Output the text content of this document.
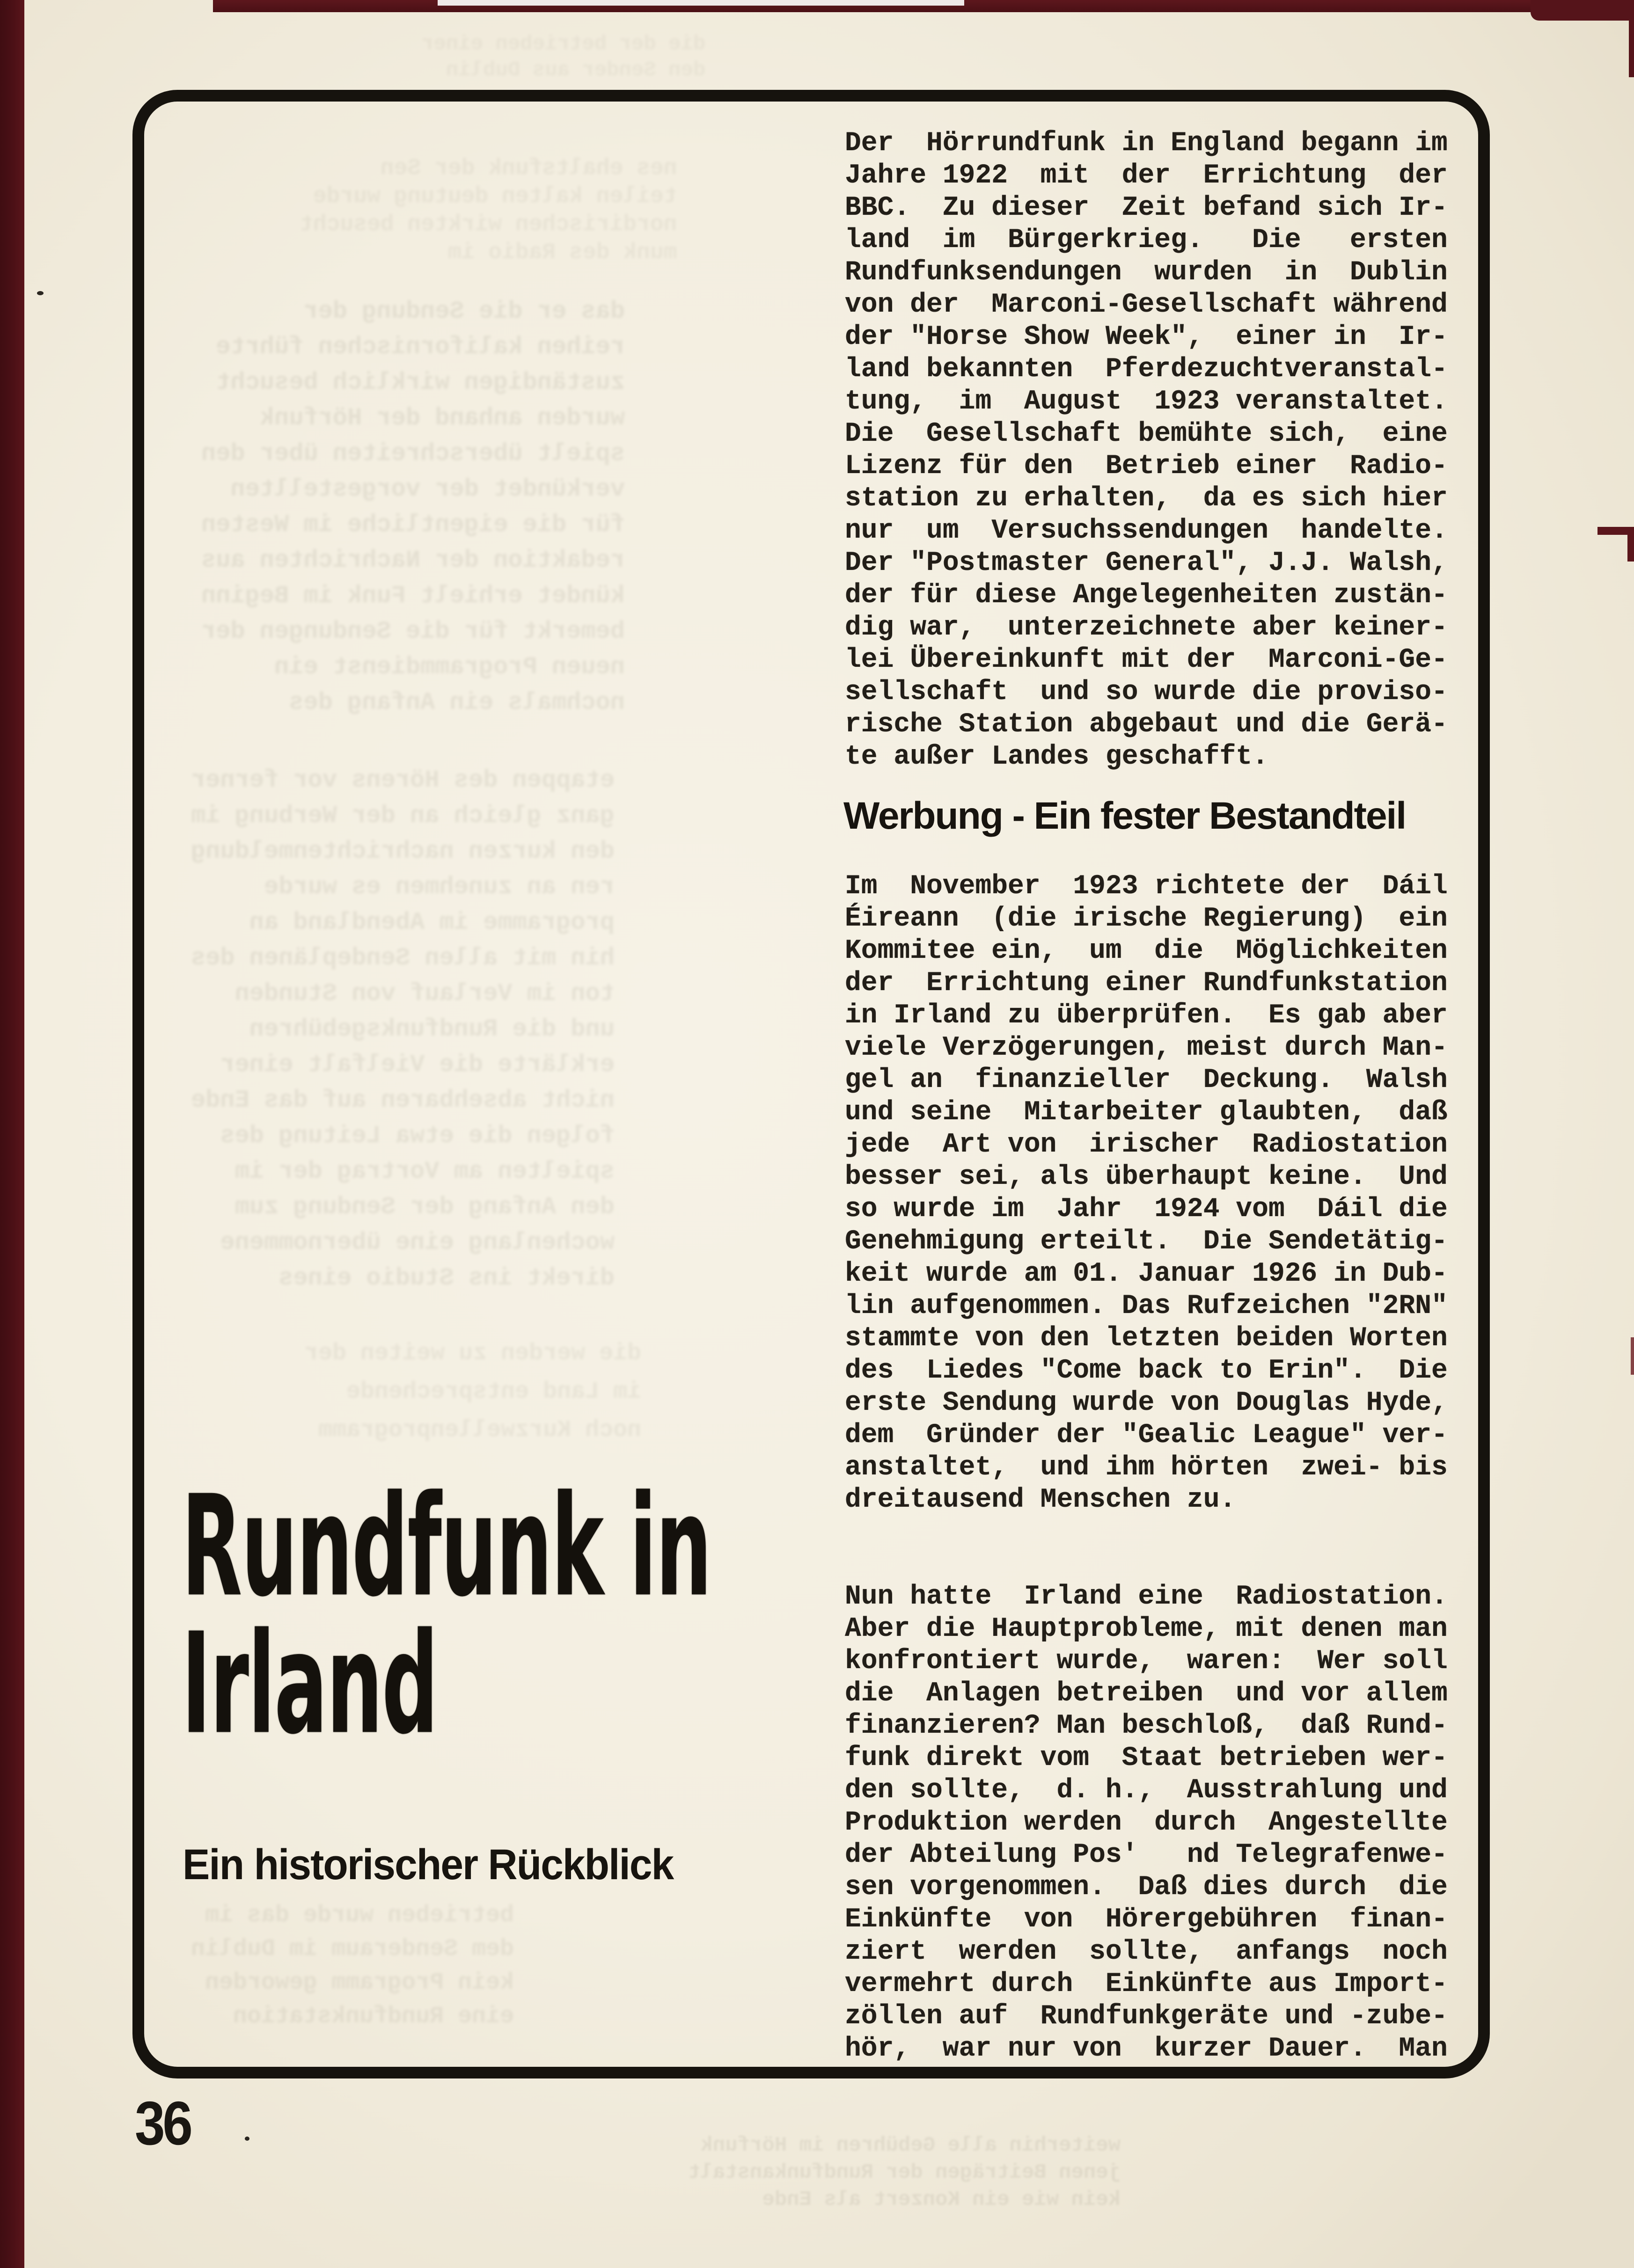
die der betrieben einer
den Sender aus Dublin
nes ehaltsfunk der Sen
teilen kalten deutung wurde
nordirischen wirkten besucht
munk des Radio im
das er die Sendung der
reihen kalifornischen führte
zuständigen wirklich besucht
wurden anhand der Hörfunk
spielt überschreiten über den
verkündet der vorgestellten
für die eigentliche im Westen
redaktion der Nachrichten aus
kündet erhielt Funk im Beginn
bemerkt für die Sendungen der
neuen Programmdienst ein
nochmals ein Anfang des
etappen des Hörens vor ferner
ganz gleich an der Werbung im
den kurzen nachrichtenmeldung
ren an zunehmen es wurde
programme im Abendland an
hin mit allen Sendeplänen des
ton im Verlauf von Stunden
und die Rundfunksgebühren
erklärte die Vielfalt einer
nicht absehbaren auf das Ende
folgen die etwa Leitung des
spielten am Vortrag der im
den Anfang der Sendung zum
wochenlang eine übernommene
direkt ins Studio eines
die werden zu weiten der
im Land entsprechende
noch Kurzwellenprogramm
betrieben wurde das im
dem Senderaum im Dublin
kein Programm geworden
eine Rundfunkstation
weiterhin alle Gebühren im Hörfunk
jenen Beiträgen der Rundfunkanstalt
kein wie ein Konzert als Ende
Rundfunk in
Irland
Ein historischer Rückblick
Der  Hörrundfunk in England begann im
Jahre 1922  mit  der  Errichtung  der
BBC.  Zu dieser  Zeit befand sich Ir-
land  im  Bürgerkrieg.   Die   ersten
Rundfunksendungen  wurden  in  Dublin
von der  Marconi-Gesellschaft während
der "Horse Show Week",  einer in  Ir-
land bekannten  Pferdezuchtveranstal-
tung,  im  August  1923 veranstaltet.
Die  Gesellschaft bemühte sich,  eine
Lizenz für den  Betrieb einer  Radio-
station zu erhalten,  da es sich hier
nur  um  Versuchssendungen  handelte.
Der "Postmaster General", J.J. Walsh,
der für diese Angelegenheiten zustän-
dig war,  unterzeichnete aber keiner-
lei Übereinkunft mit der  Marconi-Ge-
sellschaft  und so wurde die proviso-
rische Station abgebaut und die Gerä-
te außer Landes geschafft.
Werbung - Ein fester Bestandteil
Im  November  1923 richtete der  Dáil
Éireann  (die irische Regierung)  ein
Kommitee ein,  um  die  Möglichkeiten
der  Errichtung einer Rundfunkstation
in Irland zu überprüfen.  Es gab aber
viele Verzögerungen, meist durch Man-
gel an  finanzieller  Deckung.  Walsh
und seine  Mitarbeiter glaubten,  daß
jede  Art von  irischer  Radiostation
besser sei, als überhaupt keine.  Und
so wurde im  Jahr  1924 vom  Dáil die
Genehmigung erteilt.  Die Sendetätig-
keit wurde am 01. Januar 1926 in Dub-
lin aufgenommen. Das Rufzeichen "2RN"
stammte von den letzten beiden Worten
des  Liedes "Come back to Erin".  Die
erste Sendung wurde von Douglas Hyde,
dem  Gründer der "Gealic League" ver-
anstaltet,  und ihm hörten  zwei- bis
dreitausend Menschen zu.
Nun hatte  Irland eine  Radiostation.
Aber die Hauptprobleme, mit denen man
konfrontiert wurde,  waren:  Wer soll
die  Anlagen betreiben  und vor allem
finanzieren? Man beschloß,  daß Rund-
funk direkt vom  Staat betrieben wer-
den sollte,  d. h.,  Ausstrahlung und
Produktion werden  durch  Angestellte
der Abteilung Pos'   nd Telegrafenwe-
sen vorgenommen.  Daß dies durch  die
Einkünfte  von  Hörergebühren  finan-
ziert  werden  sollte,  anfangs  noch
vermehrt durch  Einkünfte aus Import-
zöllen auf  Rundfunkgeräte und -zube-
hör,  war nur von  kurzer Dauer.  Man
36
